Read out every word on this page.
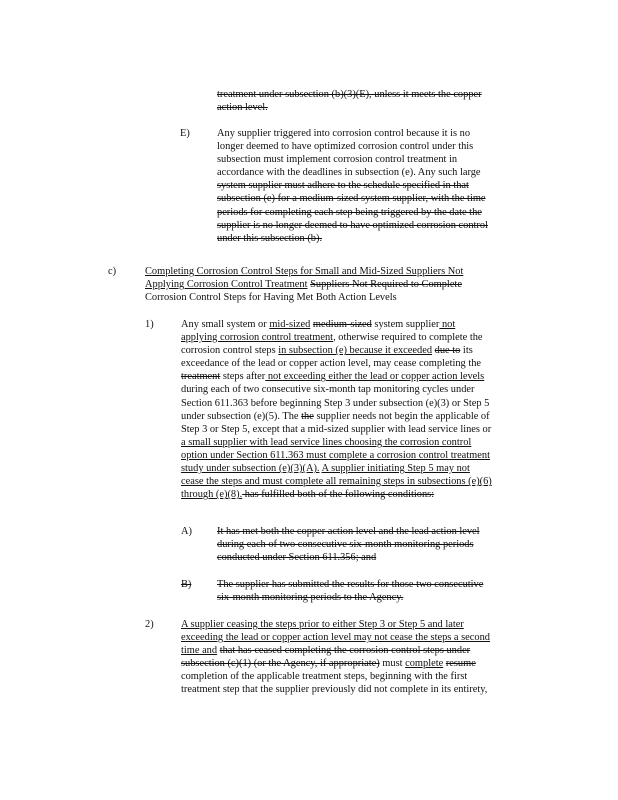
treatment under subsection (b)(3)(E), unless it meets the copper
action level.
E)	Any supplier triggered into corrosion control because it is no
longer deemed to have optimized corrosion control under this
subsection must implement corrosion control treatment in
accordance with the deadlines in subsection (e). Any such large
system supplier must adhere to the schedule specified in that
subsection (e) for a medium-sized system supplier, with the time
periods for completing each step being triggered by the date the
supplier is no longer deemed to have optimized corrosion control
under this subsection (b).
c)	Completing Corrosion Control Steps for Small and Mid-Sized Suppliers Not
Applying Corrosion Control Treatment Suppliers Not Required to Complete
Corrosion Control Steps for Having Met Both Action Levels
1)	Any small system or mid-sized medium-sized system supplier not
applying corrosion control treatment, otherwise required to complete the
corrosion control steps in subsection (e) because it exceeded due to its
exceedance of the lead or copper action level, may cease completing the
treatment steps after not exceeding either the lead or copper action levels
during each of two consecutive six-month tap monitoring cycles under
Section 611.363 before beginning Step 3 under subsection (e)(3) or Step 5
under subsection (e)(5). The the supplier needs not begin the applicable of
Step 3 or Step 5, except that a mid-sized supplier with lead service lines or
a small supplier with lead service lines choosing the corrosion control
option under Section 611.363 must complete a corrosion control treatment
study under subsection (e)(3)(A). A supplier initiating Step 5 may not
cease the steps and must complete all remaining steps in subsections (e)(6)
through (e)(8). has fulfilled both of the following conditions:
A) It has met both the copper action level and the lead action level
during each of two consecutive six-month monitoring periods
conducted under Section 611.356; and
B) The supplier has submitted the results for those two consecutive
six-month monitoring periods to the Agency.
2)	A supplier ceasing the steps prior to either Step 3 or Step 5 and later
exceeding the lead or copper action level may not cease the steps a second
time and that has ceased completing the corrosion control steps under
subsection (c)(1) (or the Agency, if appropriate) must complete resume
completion of the applicable treatment steps, beginning with the first
treatment step that the supplier previously did not complete in its entirety,
